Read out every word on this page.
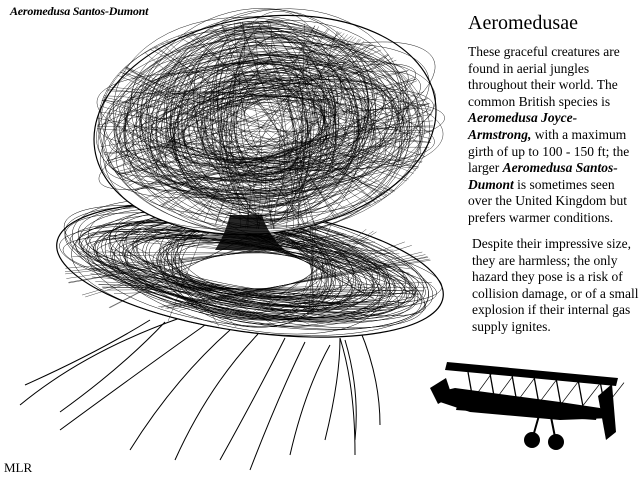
Aeromedusa Santos-Dumont
Aeromedusae

These graceful creatures are found in aerial jungles throughout their world. The common British species is Aeromedusa Joyce-Armstrong, with a maximum girth of up to 100 - 150 ft; the larger Aeromedusa Santos-Dumont is sometimes seen over the United Kingdom but prefers warmer conditions.

Despite their impressive size, they are harmless; the only hazard they pose is a risk of collision damage, or of a small explosion if their internal gas supply ignites.

MLR
